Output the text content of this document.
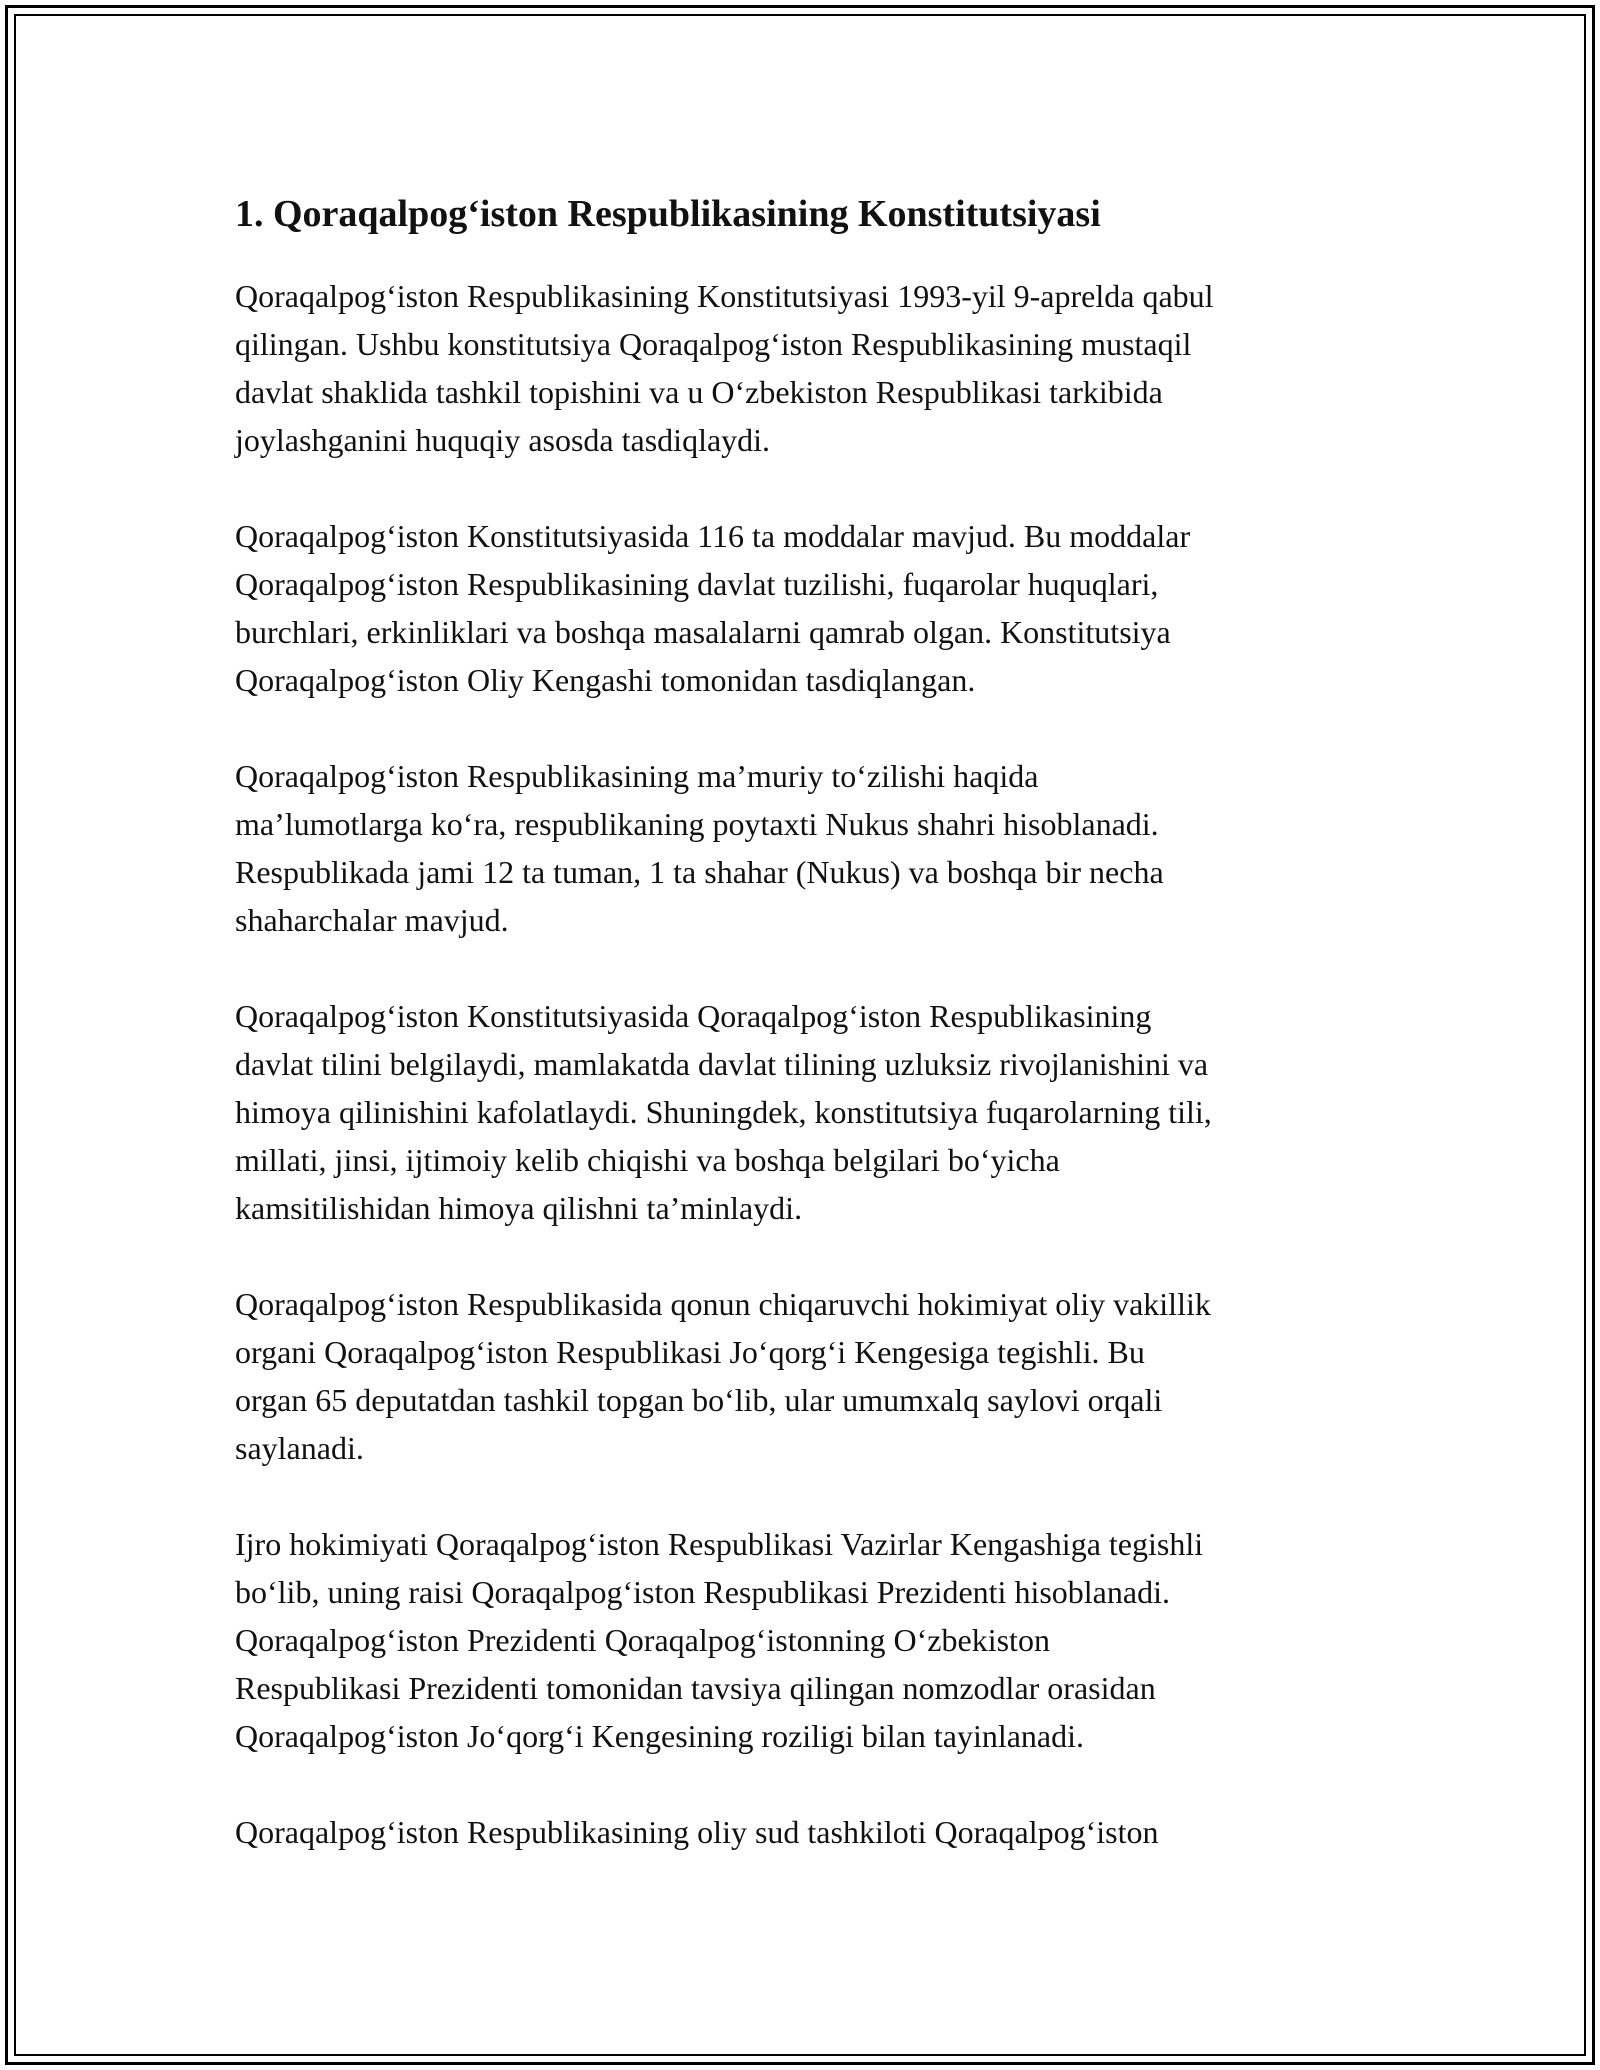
1. Qoraqalpog‘iston Respublikasining Konstitutsiyasi

Qoraqalpog‘iston Respublikasining Konstitutsiyasi 1993-yil 9-aprelda qabul
qilingan. Ushbu konstitutsiya Qoraqalpog‘iston Respublikasining mustaqil
davlat shaklida tashkil topishini va u O‘zbekiston Respublikasi tarkibida
joylashganini huquqiy asosda tasdiqlaydi.

Qoraqalpog‘iston Konstitutsiyasida 116 ta moddalar mavjud. Bu moddalar
Qoraqalpog‘iston Respublikasining davlat tuzilishi, fuqarolar huquqlari,
burchlari, erkinliklari va boshqa masalalarni qamrab olgan. Konstitutsiya
Qoraqalpog‘iston Oliy Kengashi tomonidan tasdiqlangan.

Qoraqalpog‘iston Respublikasining ma’muriy to‘zilishi haqida
ma’lumotlarga ko‘ra, respublikaning poytaxti Nukus shahri hisoblanadi.
Respublikada jami 12 ta tuman, 1 ta shahar (Nukus) va boshqa bir necha
shaharchalar mavjud.

Qoraqalpog‘iston Konstitutsiyasida Qoraqalpog‘iston Respublikasining
davlat tilini belgilaydi, mamlakatda davlat tilining uzluksiz rivojlanishini va
himoya qilinishini kafolatlaydi. Shuningdek, konstitutsiya fuqarolarning tili,
millati, jinsi, ijtimoiy kelib chiqishi va boshqa belgilari bo‘yicha
kamsitilishidan himoya qilishni ta’minlaydi.

Qoraqalpog‘iston Respublikasida qonun chiqaruvchi hokimiyat oliy vakillik
organi Qoraqalpog‘iston Respublikasi Jo‘qorg‘i Kengesiga tegishli. Bu
organ 65 deputatdan tashkil topgan bo‘lib, ular umumxalq saylovi orqali
saylanadi.

Ijro hokimiyati Qoraqalpog‘iston Respublikasi Vazirlar Kengashiga tegishli
bo‘lib, uning raisi Qoraqalpog‘iston Respublikasi Prezidenti hisoblanadi.
Qoraqalpog‘iston Prezidenti Qoraqalpog‘istonning O‘zbekiston
Respublikasi Prezidenti tomonidan tavsiya qilingan nomzodlar orasidan
Qoraqalpog‘iston Jo‘qorg‘i Kengesining roziligi bilan tayinlanadi.

Qoraqalpog‘iston Respublikasining oliy sud tashkiloti Qoraqalpog‘iston
